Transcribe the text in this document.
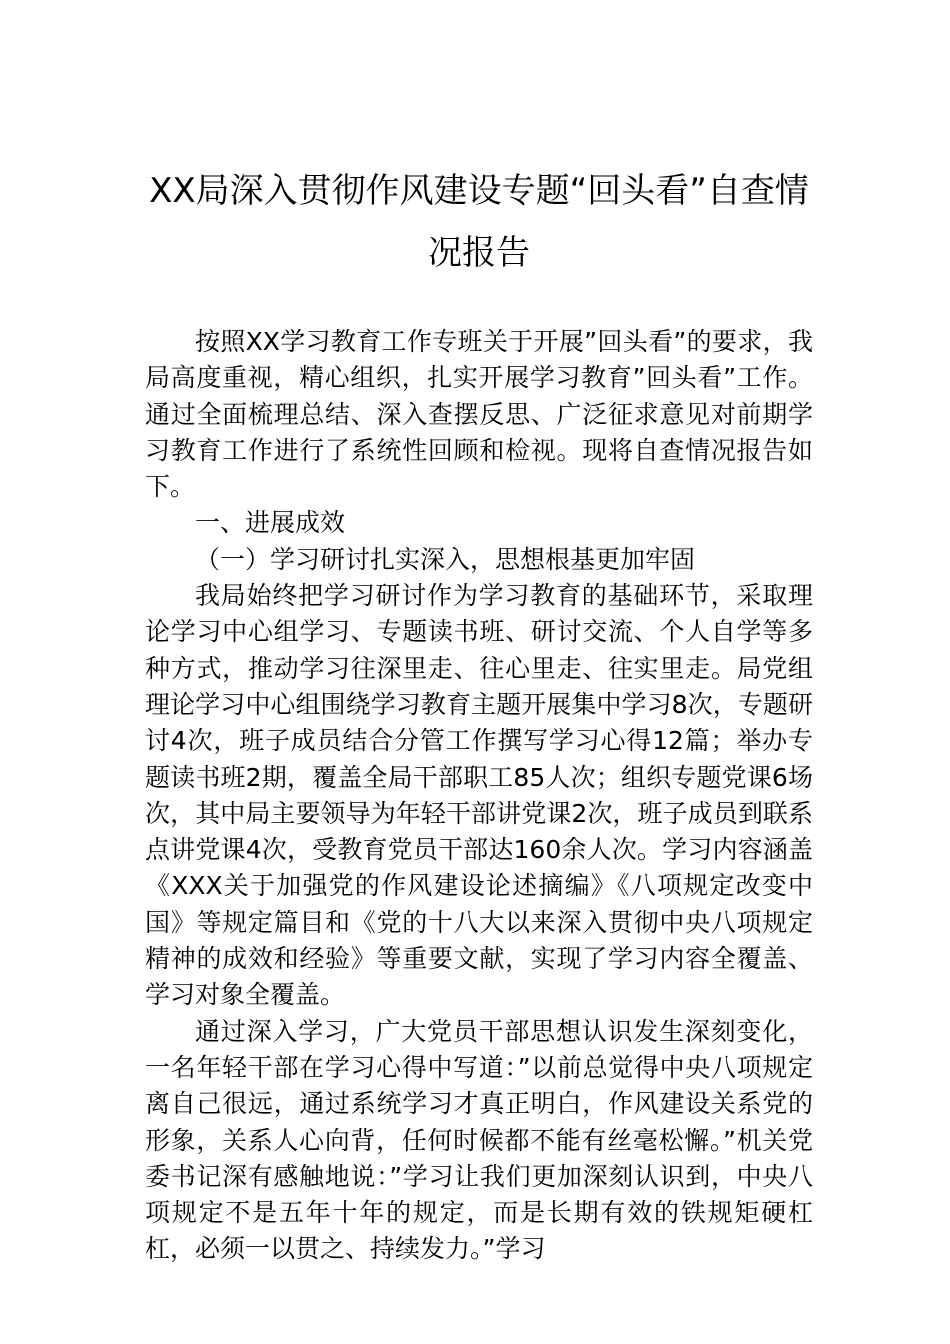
XX局深入贯彻作风建设专题“回头看”自查情况报告

按照XX学习教育工作专班关于开展”回头看”的要求，我局高度重视，精心组织，扎实开展学习教育”回头看”工作。通过全面梳理总结、深入查摆反思、广泛征求意见对前期学习教育工作进行了系统性回顾和检视。现将自查情况报告如下。

一、进展成效

（一）学习研讨扎实深入，思想根基更加牢固

我局始终把学习研讨作为学习教育的基础环节，采取理论学习中心组学习、专题读书班、研讨交流、个人自学等多种方式，推动学习往深里走、往心里走、往实里走。局党组理论学习中心组围绕学习教育主题开展集中学习8次，专题研讨4次，班子成员结合分管工作撰写学习心得12篇；举办专题读书班2期，覆盖全局干部职工85人次；组织专题党课6场次，其中局主要领导为年轻干部讲党课2次，班子成员到联系点讲党课4次，受教育党员干部达160余人次。学习内容涵盖《XXX关于加强党的作风建设论述摘编》《八项规定改变中国》等规定篇目和《党的十八大以来深入贯彻中央八项规定精神的成效和经验》等重要文献，实现了学习内容全覆盖、学习对象全覆盖。

通过深入学习，广大党员干部思想认识发生深刻变化，一名年轻干部在学习心得中写道：”以前总觉得中央八项规定离自己很远，通过系统学习才真正明白，作风建设关系党的形象，关系人心向背，任何时候都不能有丝毫松懈。”机关党委书记深有感触地说：”学习让我们更加深刻认识到，中央八项规定不是五年十年的规定，而是长期有效的铁规矩硬杠杠，必须一以贯之、持续发力。”学习
